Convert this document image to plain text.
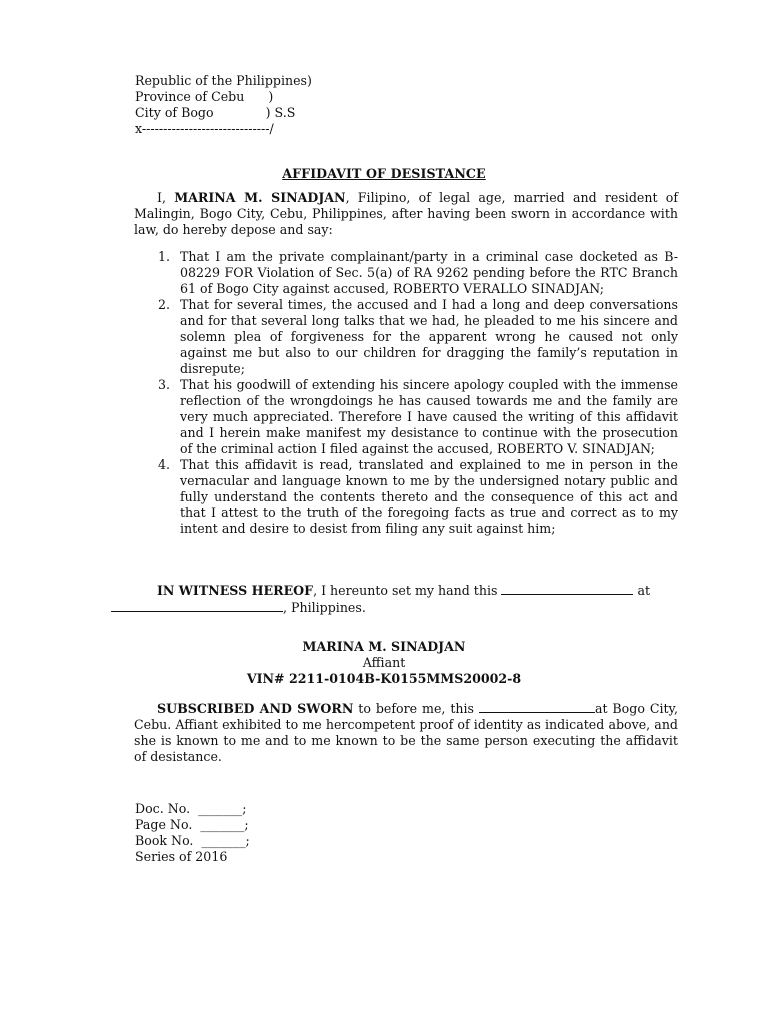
Republic of the Philippines)
Province of Cebu      )
City of Bogo             ) S.S
x------------------------------/
AFFIDAVIT OF DESISTANCE

I, MARINA M. SINADJAN, Filipino, of legal age, married and resident of Malingin, Bogo City, Cebu, Philippines, after having been sworn in accordance with law, do hereby depose and say:

1. That I am the private complainant/party in a criminal case docketed as B-08229 FOR Violation of Sec. 5(a) of RA 9262 pending before the RTC Branch 61 of Bogo City against accused, ROBERTO VERALLO SINADJAN;
2. That for several times, the accused and I had a long and deep conversations and for that several long talks that we had, he pleaded to me his sincere and solemn plea of forgiveness for the apparent wrong he caused not only against me but also to our children for dragging the family’s reputation in disrepute;
3. That his goodwill of extending his sincere apology coupled with the immense reflection of the wrongdoings he has caused towards me and the family are very much appreciated. Therefore I have caused the writing of this affidavit and I herein make manifest my desistance to continue with the prosecution of the criminal action I filed against the accused, ROBERTO V. SINADJAN;
4. That this affidavit is read, translated and explained to me in person in the vernacular and language known to me by the undersigned notary public and fully understand the contents thereto and the consequence of this act and that I attest to the truth of the foregoing facts as true and correct as to my intent and desire to desist from filing any suit against him;

IN WITNESS HEREOF, I hereunto set my hand this	at
, Philippines.

MARINA M. SINADJAN
Affiant
VIN# 2211-0104B-K0155MMS20002-8

SUBSCRIBED AND SWORN to before me, this	at Bogo City, Cebu. Affiant exhibited to me hercompetent proof of identity as indicated above, and she is known to me and to me known to be the same person executing the affidavit of desistance.

Doc. No.  _______;
Page No.  _______;
Book No.  _______;
Series of 2016
